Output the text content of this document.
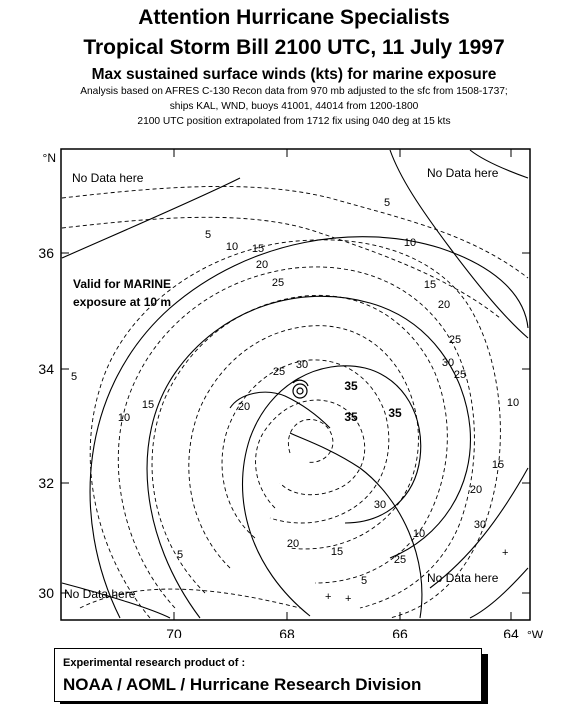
Attention Hurricane Specialists
Tropical Storm Bill 2100 UTC, 11 July 1997
Max sustained surface winds (kts) for marine exposure
Analysis based on AFRES C-130 Recon data from 970 mb adjusted to the sfc from 1508-1737;
ships KAL, WND, buoys 41001, 44014 from 1200-1800
2100 UTC position extrapolated from 1712 fix using 040 deg at 15 kts
70	68	66	64 °W
36
34
32
30
°N
5
10 15
20
25
30
35
35	35
30
25
20
15
10
5
5
10
15	20
25
30
25
20
15
10
5
5
10
15
20
25
30
No Data here	No Data here
No Data here
No Data here
Valid for MARINE
exposure at 10 m
+
+ +
Experimental research product of :
NOAA / AOML / Hurricane Research Division
